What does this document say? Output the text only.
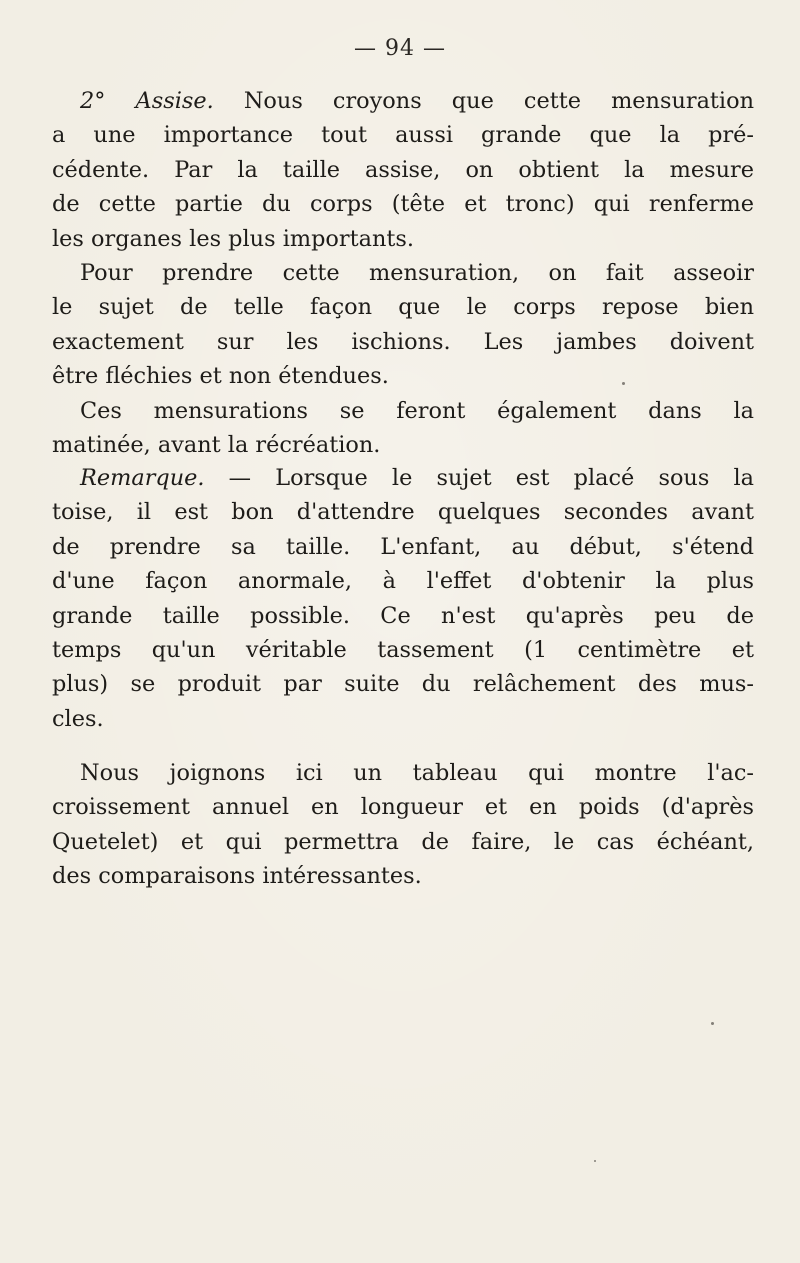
— 94 —
2° Assise. Nous croyons que cette mensuration
a une importance tout aussi grande que la pré-
cédente. Par la taille assise, on obtient la mesure
de cette partie du corps (tête et tronc) qui renferme
les organes les plus importants.
Pour prendre cette mensuration, on fait asseoir
le sujet de telle façon que le corps repose bien
exactement sur les ischions. Les jambes doivent
être fléchies et non étendues.
Ces mensurations se feront également dans la
matinée, avant la récréation.
Remarque. — Lorsque le sujet est placé sous la
toise, il est bon d'attendre quelques secondes avant
de prendre sa taille. L'enfant, au début, s'étend
d'une façon anormale, à l'effet d'obtenir la plus
grande taille possible. Ce n'est qu'après peu de
temps qu'un véritable tassement (1 centimètre et
plus) se produit par suite du relâchement des mus-
cles.
Nous joignons ici un tableau qui montre l'ac-
croissement annuel en longueur et en poids (d'après
Quetelet) et qui permettra de faire, le cas échéant,
des comparaisons intéressantes.
